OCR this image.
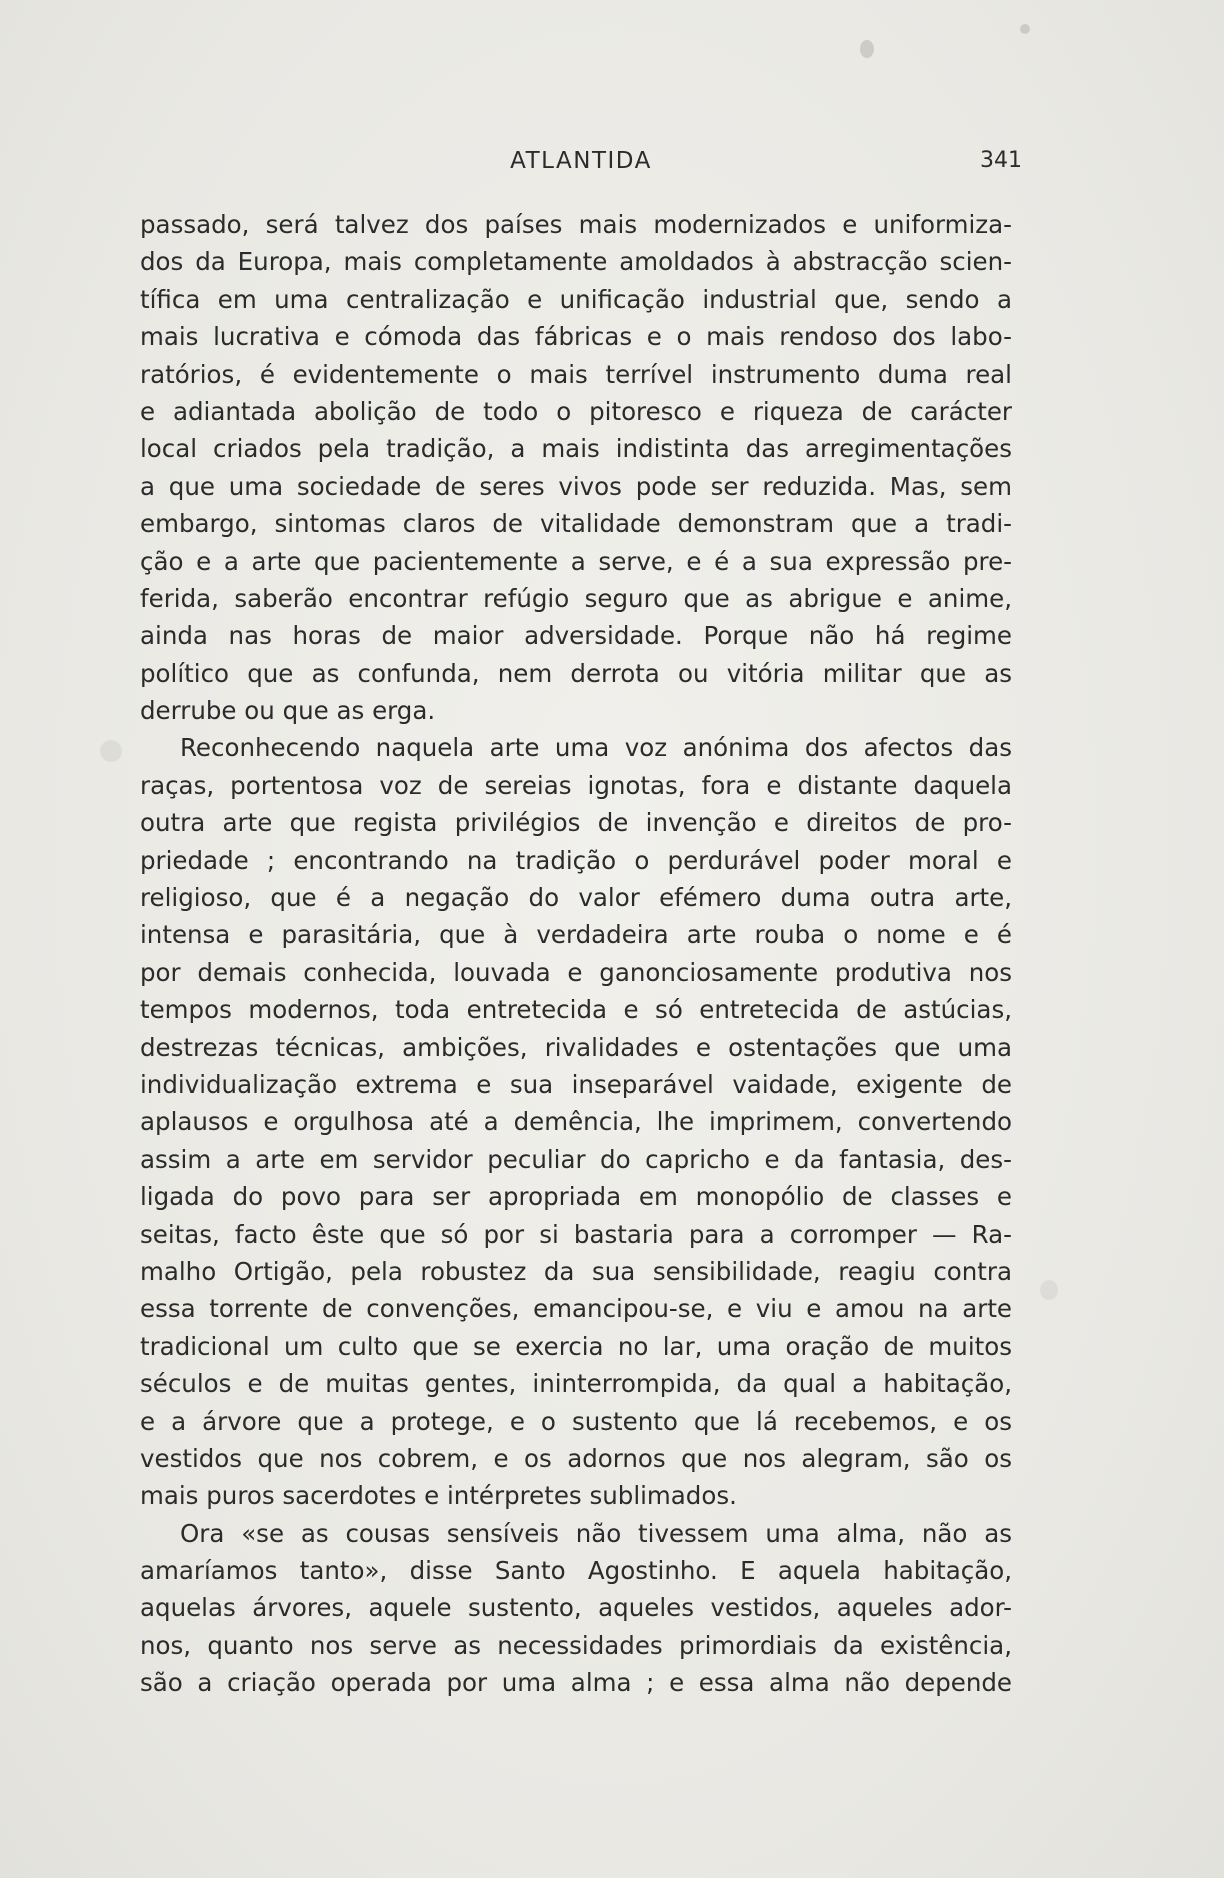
ATLANTIDA	341
passado, será talvez dos países mais modernizados e uniformiza-
dos da Europa, mais completamente amoldados à abstracção scien-
tífica em uma centralização e unificação industrial que, sendo a
mais lucrativa e cómoda das fábricas e o mais rendoso dos labo-
ratórios, é evidentemente o mais terrível instrumento duma real
e adiantada abolição de todo o pitoresco e riqueza de carácter
local criados pela tradição, a mais indistinta das arregimentações
a que uma sociedade de seres vivos pode ser reduzida. Mas, sem
embargo, sintomas claros de vitalidade demonstram que a tradi-
ção e a arte que pacientemente a serve, e é a sua expressão pre-
ferida, saberão encontrar refúgio seguro que as abrigue e anime,
ainda nas horas de maior adversidade. Porque não há regime
político que as confunda, nem derrota ou vitória militar que as
derrube ou que as erga.
Reconhecendo naquela arte uma voz anónima dos afectos das
raças, portentosa voz de sereias ignotas, fora e distante daquela
outra arte que regista privilégios de invenção e direitos de pro-
priedade ; encontrando na tradição o perdurável poder moral e
religioso, que é a negação do valor efémero duma outra arte,
intensa e parasitária, que à verdadeira arte rouba o nome e é
por demais conhecida, louvada e ganonciosamente produtiva nos
tempos modernos, toda entretecida e só entretecida de astúcias,
destrezas técnicas, ambições, rivalidades e ostentações que uma
individualização extrema e sua inseparável vaidade, exigente de
aplausos e orgulhosa até a demência, lhe imprimem, convertendo
assim a arte em servidor peculiar do capricho e da fantasia, des-
ligada do povo para ser apropriada em monopólio de classes e
seitas, facto êste que só por si bastaria para a corromper — Ra-
malho Ortigão, pela robustez da sua sensibilidade, reagiu contra
essa torrente de convenções, emancipou-se, e viu e amou na arte
tradicional um culto que se exercia no lar, uma oração de muitos
séculos e de muitas gentes, ininterrompida, da qual a habitação,
e a árvore que a protege, e o sustento que lá recebemos, e os
vestidos que nos cobrem, e os adornos que nos alegram, são os
mais puros sacerdotes e intérpretes sublimados.
Ora «se as cousas sensíveis não tivessem uma alma, não as
amaríamos tanto», disse Santo Agostinho. E aquela habitação,
aquelas árvores, aquele sustento, aqueles vestidos, aqueles ador-
nos, quanto nos serve as necessidades primordiais da existência,
são a criação operada por uma alma ; e essa alma não depende
